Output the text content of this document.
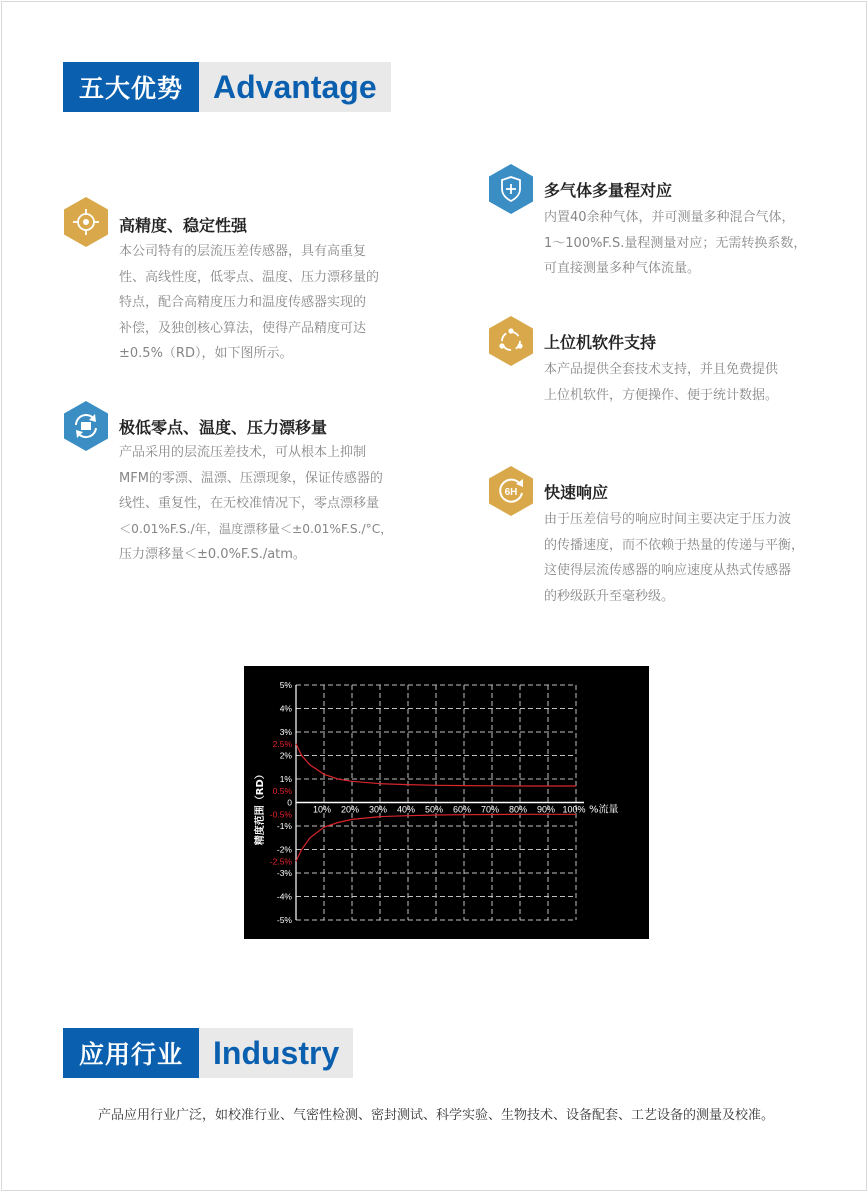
五大优势 Advantage
高精度、稳定性强

本公司特有的层流压差传感器，具有高重复
性、高线性度，低零点、温度、压力漂移量的
特点，配合高精度压力和温度传感器实现的
补偿，及独创核心算法，使得产品精度可达
±0.5%（RD），如下图所示。

极低零点、温度、压力漂移量

产品采用的层流压差技术，可从根本上抑制
MFM的零漂、温漂、压漂现象，保证传感器的
线性、重复性，在无校准情况下，零点漂移量
＜0.01%F.S./年，温度漂移量＜±0.01%F.S./°C，
压力漂移量＜±0.0%F.S./atm。

多气体多量程对应

内置40余种气体，并可测量多种混合气体，
1～100%F.S.量程测量对应；无需转换系数，
可直接测量多种气体流量。

上位机软件支持

本产品提供全套技术支持，并且免费提供
上位机软件，方便操作、便于统计数据。

6H 快速响应

由于压差信号的响应时间主要决定于压力波
的传播速度，而不依赖于热量的传递与平衡，
这使得层流传感器的响应速度从热式传感器
的秒级跃升至毫秒级。

5%
4%
3%
2%
1%
0
-1%
-2%
-3%
-4%
-5%
2.5%
0.5%
-0.5%
-2.5%
10% 20% 30% 40% 50% 60% 70% 80% 90% 100% %流量
精度范围（RD）
应用行业 Industry
产品应用行业广泛，如校准行业、气密性检测、密封测试、科学实验、生物技术、设备配套、工艺设备的测量及校准。
